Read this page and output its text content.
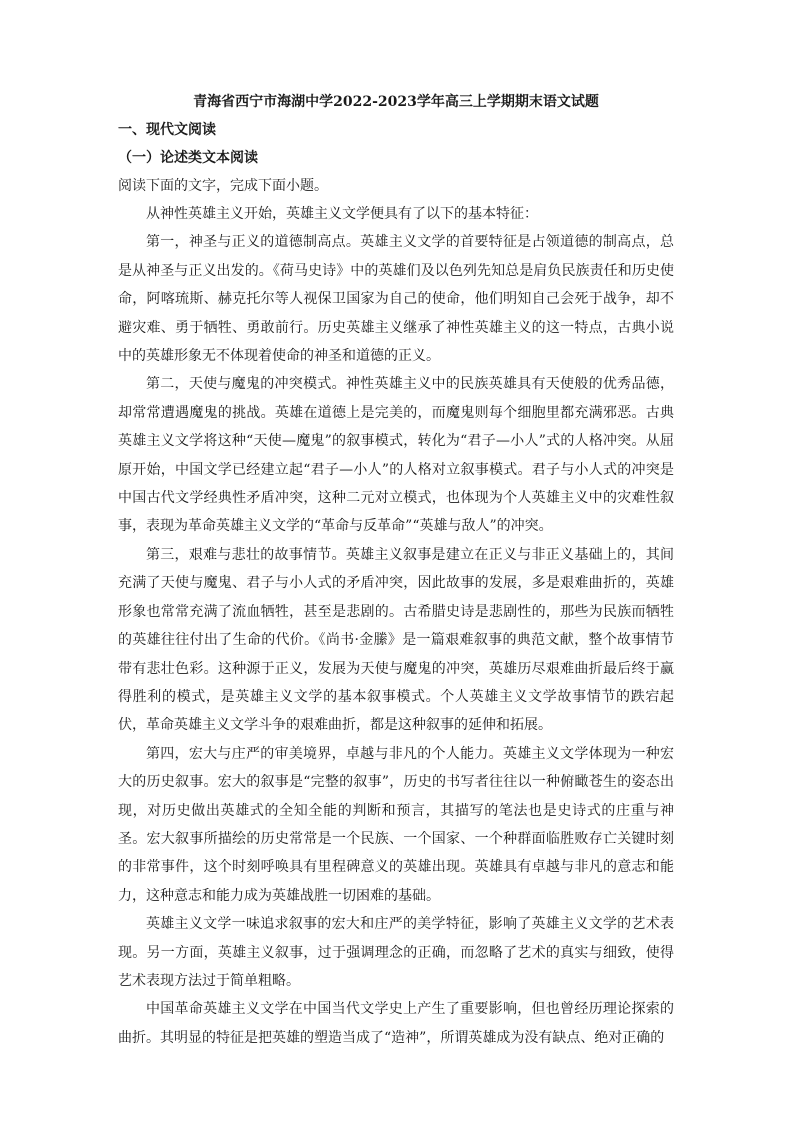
青海省西宁市海湖中学2022-2023学年高三上学期期末语文试题
一、现代文阅读
（一）论述类文本阅读
阅读下面的文字，完成下面小题。

从神性英雄主义开始，英雄主义文学便具有了以下的基本特征：

第一，神圣与正义的道德制高点。英雄主义文学的首要特征是占领道德的制高点，总是从神圣与正义出发的。《荷马史诗》中的英雄们及以色列先知总是肩负民族责任和历史使命，阿喀琉斯、赫克托尔等人视保卫国家为自己的使命，他们明知自己会死于战争，却不避灾难、勇于牺牲、勇敢前行。历史英雄主义继承了神性英雄主义的这一特点，古典小说中的英雄形象无不体现着使命的神圣和道德的正义。

第二，天使与魔鬼的冲突模式。神性英雄主义中的民族英雄具有天使般的优秀品德，却常常遭遇魔鬼的挑战。英雄在道德上是完美的，而魔鬼则每个细胞里都充满邪恶。古典英雄主义文学将这种“天使—魔鬼”的叙事模式，转化为“君子—小人”式的人格冲突。从屈原开始，中国文学已经建立起“君子—小人”的人格对立叙事模式。君子与小人式的冲突是中国古代文学经典性矛盾冲突，这种二元对立模式，也体现为个人英雄主义中的灾难性叙事，表现为革命英雄主义文学的“革命与反革命”“英雄与敌人”的冲突。

第三，艰难与悲壮的故事情节。英雄主义叙事是建立在正义与非正义基础上的，其间充满了天使与魔鬼、君子与小人式的矛盾冲突，因此故事的发展，多是艰难曲折的，英雄形象也常常充满了流血牺牲，甚至是悲剧的。古希腊史诗是悲剧性的，那些为民族而牺牲的英雄往往付出了生命的代价。《尚书·金縢》是一篇艰难叙事的典范文献，整个故事情节带有悲壮色彩。这种源于正义，发展为天使与魔鬼的冲突，英雄历尽艰难曲折最后终于赢得胜利的模式，是英雄主义文学的基本叙事模式。个人英雄主义文学故事情节的跌宕起伏，革命英雄主义文学斗争的艰难曲折，都是这种叙事的延伸和拓展。

第四，宏大与庄严的审美境界，卓越与非凡的个人能力。英雄主义文学体现为一种宏大的历史叙事。宏大的叙事是“完整的叙事”，历史的书写者往往以一种俯瞰苍生的姿态出现，对历史做出英雄式的全知全能的判断和预言，其描写的笔法也是史诗式的庄重与神圣。宏大叙事所描绘的历史常常是一个民族、一个国家、一个种群面临胜败存亡关键时刻的非常事件，这个时刻呼唤具有里程碑意义的英雄出现。英雄具有卓越与非凡的意志和能力，这种意志和能力成为英雄战胜一切困难的基础。

英雄主义文学一味追求叙事的宏大和庄严的美学特征，影响了英雄主义文学的艺术表现。另一方面，英雄主义叙事，过于强调理念的正确，而忽略了艺术的真实与细致，使得艺术表现方法过于简单粗略。

中国革命英雄主义文学在中国当代文学史上产生了重要影响，但也曾经历理论探索的曲折。其明显的特征是把英雄的塑造当成了“造神”，所谓英雄成为没有缺点、绝对正确的
